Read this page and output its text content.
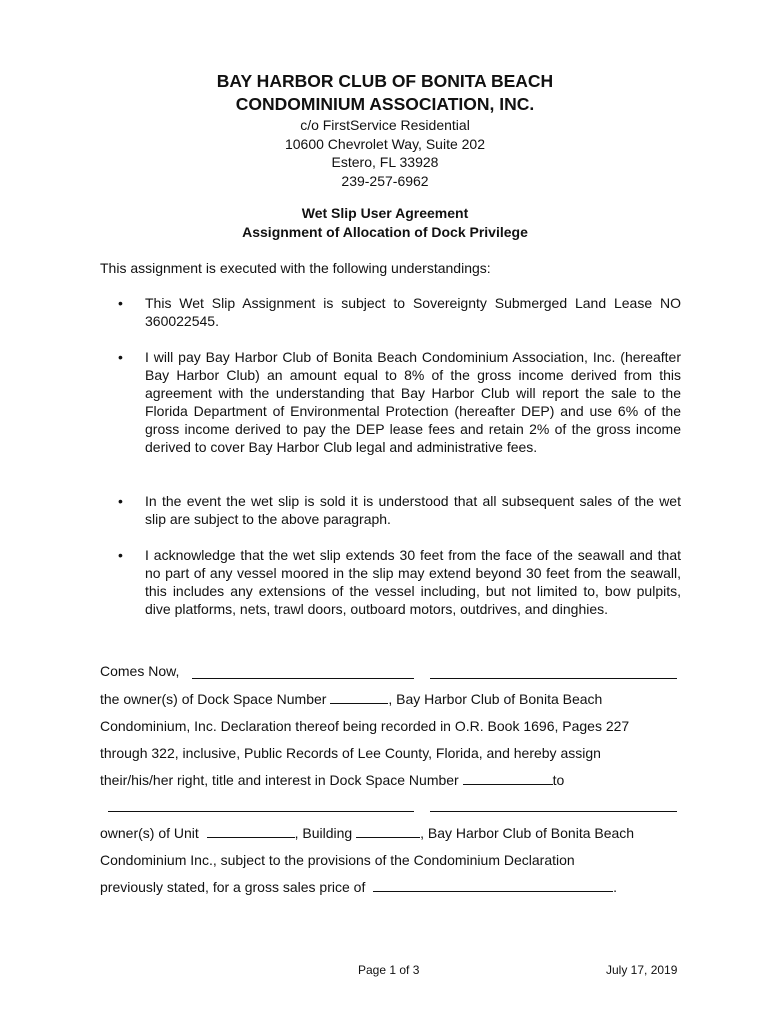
BAY HARBOR CLUB OF BONITA BEACH

CONDOMINIUM ASSOCIATION, INC.

c/o FirstService Residential

10600 Chevrolet Way, Suite 202

Estero, FL 33928

239-257-6962

Wet Slip User Agreement

Assignment of Allocation of Dock Privilege

This assignment is executed with the following understandings:

• This Wet Slip Assignment is subject to Sovereignty Submerged Land Lease NO 360022545.

• I will pay Bay Harbor Club of Bonita Beach Condominium Association, Inc. (hereafter Bay Harbor Club) an amount equal to 8% of the gross income derived from this agreement with the understanding that Bay Harbor Club will report the sale to the Florida Department of Environmental Protection (hereafter DEP) and use 6% of the gross income derived to pay the DEP lease fees and retain 2% of the gross income derived to cover Bay Harbor Club legal and administrative fees.

• In the event the wet slip is sold it is understood that all subsequent sales of the wet slip are subject to the above paragraph.

• I acknowledge that the wet slip extends 30 feet from the face of the seawall and that no part of any vessel moored in the slip may extend beyond 30 feet from the seawall, this includes any extensions of the vessel including, but not limited to, bow pulpits, dive platforms, nets, trawl doors, outboard motors, outdrives, and dinghies.

Comes Now,

the owner(s) of Dock Space Number	, Bay Harbor Club of Bonita Beach

Condominium, Inc. Declaration thereof being recorded in O.R. Book 1696, Pages 227

through 322, inclusive, Public Records of Lee County, Florida, and hereby assign

their/his/her right, title and interest in Dock Space Number	to

owner(s) of Unit	, Building	, Bay Harbor Club of Bonita Beach

Condominium Inc., subject to the provisions of the Condominium Declaration

previously stated, for a gross sales price of	.

Page 1 of 3	July 17, 2019
